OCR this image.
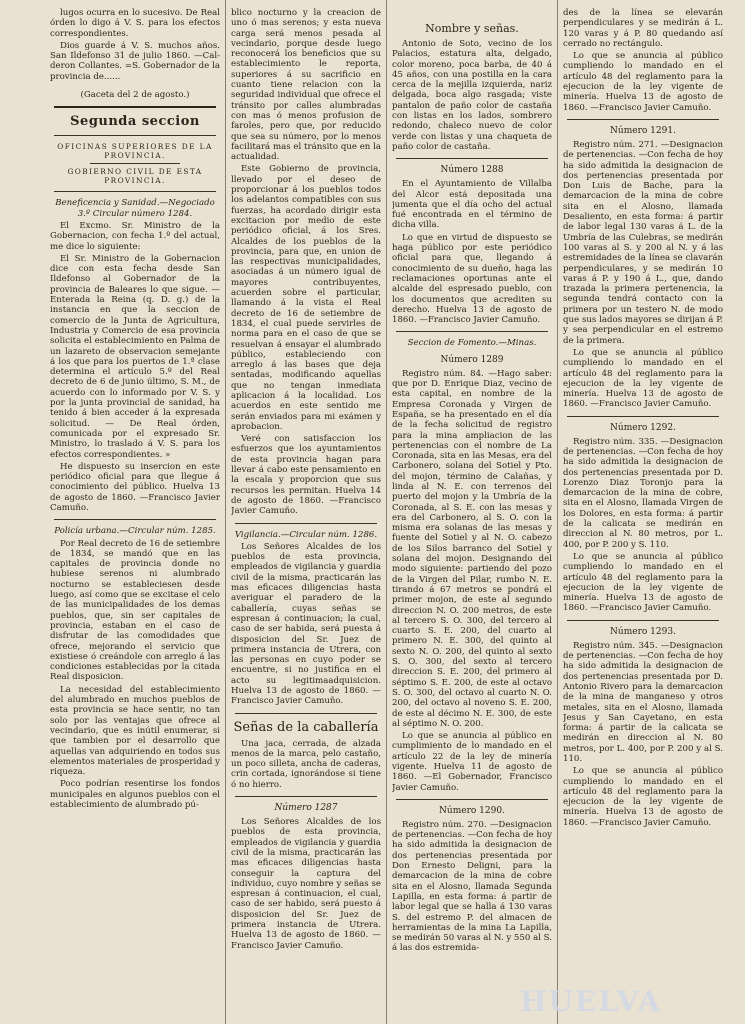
lugos ocurra en lo sucesivo. De Real órden lo digo á V. S. para los efectos correspondientes.

Dios guarde á V. S. muchos años. San Ildefonso 31 de julio 1860. —Cal-deron Collantes. =S. Gobernador de la provincia de......

(Gaceta del 2 de agosto.)

Segunda seccion
OFICINAS SUPERIORES DE LA PROVINCIA.
GOBIERNO CIVIL DE ESTA PROVINCIA.

Beneficencia y Sanidad.—Negociado 3.º Circular número 1284.

El Excmo. Sr. Ministro de la Gobernacion, con fecha 1.º del actual, me dice lo siguiente:

El Sr. Ministro de la Gobernacion dice con esta fecha desde San Ildefonso al Gobernador de la provincia de Baleares lo que sigue. — Enterada la Reina (q. D. g.) de la instancia en que la seccion de comercio de la Junta de Agricultura, Industria y Comercio de esa provincia solicita el establecimiento en Palma de un lazareto de observacion semejante á los que para los puertos de 1.ª clase determina el artículo 5.º del Real decreto de 6 de junio último, S. M., de acuerdo con lo informado por V. S. y por la junta provincial de sanidad, ha tenido á bien acceder á la expresada solicitud. — De Real órden, comunicada por el expresado Sr. Ministro, lo traslado á V. S. para los efectos correspondientes. »

He dispuesto su insercion en este periódico oficial para que llegue á conocimiento del público. Huelva 13 de agosto de 1860. —Francisco Javier Camuño.

Policía urbana.—Circular núm. 1285.

Por Real decreto de 16 de setiembre de 1834, se mandó que en las capitales de provincia donde no hubiese serenos ni alumbrado nocturno se estableciesen desde luego, así como que se excitase el celo de las municipalidades de los demas pueblos, que, sin ser capitales de provincia, estaban en el caso de disfrutar de las comodidades que ofrece, mejorando el servicio que existiese ó creándole con arreglo á las condiciones establecidas por la citada Real disposicion.

La necesidad del establecimiento del alumbrado en muchos pueblos de esta provincia se hace sentir, no tan solo por las ventajas que ofrece al vecindario, que es inútil enumerar, si que tambien por el desarrollo que aquellas van adquiriendo en todos sus elementos materiales de prosperidad y riqueza.

Poco podrían resentirse los fondos municipales en algunos pueblos con el establecimiento de alumbrado pú-

blico nocturno y la creacion de uno ó mas serenos; y esta nueva carga será menos pesada al vecindario, porque desde luego reconocerá los beneficios que su establecimiento le reporta, superiores á su sacrificio en cuanto tiene relacion con la seguridad individual que ofrece el tránsito por calles alumbradas con mas ó menos profusion de faroles, pero que, por reducido que sea su número, por lo menos facilitará mas el tránsito que en la actualidad.

Este Gobierno de provincia, llevado por el deseo de proporcionar á los pueblos todos los adelantos compatibles con sus fuerzas, ha acordado dirigir esta excitacion por medio de este periódico oficial, á los Sres. Alcaldes de los pueblos de la provincia, para que, en union de las respectivas municipalidades, asociadas á un número igual de mayores contribuyentes, acuerden sobre el particular, llamando á la vista el Real decreto de 16 de setiembre de 1834, el cual puede servirles de norma para en el caso de que se resuelvan á ensayar el alumbrado público, estableciendo con arreglo á las bases que deja sentadas, modificando aquellas que no tengan inmediata aplicacion á la localidad. Los acuerdos en este sentido me serán enviados para mi exámen y aprobacion.

Veré con satisfaccion los esfuerzos que los ayuntamientos de esta provincia hagan para llevar á cabo este pensamiento en la escala y proporcion que sus recursos les permitan. Huelva 14 de agosto de 1860. —Francisco Javier Camuño.

Vigilancia.—Circular núm. 1286.

Los Señores Alcaldes de los pueblos de esta provincia, empleados de vigilancia y guardia civil de la misma, practicarán las mas eficaces diligencias hasta averiguar el paradero de la caballería, cuyas señas se espresan á continuacion; la cual, caso de ser habida, será puesta á disposicion del Sr. Juez de primera instancia de Utrera, con las personas en cuyo poder se encuentre, si no justifica en el acto su legitimaadquisicion. Huelva 13 de agosto de 1860. —Francisco Javier Camuño.

Señas de la caballería

Una jaca, cerrada, de alzada menos de la marca, pelo castaño, un poco silleta, ancha de caderas, crin cortada, ignorándose si tiene ó no hierro.

Número 1287

Los Señores Alcaldes de los pueblos de esta provincia, empleados de vigilancia y guardia civil de la misma, practicarán las mas eficaces diligencias hasta conseguir la captura del individuo, cuyo nombre y señas se espresan á continuacion, el cual, caso de ser habido, será puesto á disposicion del Sr. Juez de primera instancia de Utrera. Huelva 13 de agosto de 1860. —Francisco Javier Camuño.

Nombre y señas.

Antonio de Soto, vecino de los Palacios, estatura alta, delgado, color moreno, poca barba, de 40 á 45 años, con una postilla en la cara cerca de la mejilla izquierda, nariz delgada, boca algo rasgada; viste pantalon de paño color de castaña con listas en los lados, sombrero redondo, chaleco nuevo de color verde con listas y una chaqueta de paño color de castaña.

Número 1288

En el Ayuntamiento de Villalba del Alcor está depositada una jumenta que el día ocho del actual fué encontrada en el término de dicha villa.

Lo que en virtud de dispuesto se haga público por este periódico oficial para que, llegando á conocimiento de su dueño, haga las reclamaciones oportunas ante el alcalde del espresado pueblo, con los documentos que acrediten su derecho. Huelva 13 de agosto de 1860. —Francisco Javier Camuño.

Seccion de Fomento.—Minas.

Número 1289

Registro núm. 84. —Hago saber: que por D. Enrique Diaz, vecino de esta capital, en nombre de la Empresa Coronada y Virgen de España, se ha presentado en el día de la fecha solicitud de registro para la mina ampliacion de las pertenencias con el nombre de La Coronada, sita en las Mesas, era del Carbonero, solana del Sotiel y Pto. del mojon, término de Calañas, y linda al N. E. con terrenos del puerto del mojon y la Umbría de la Coronada, al S. E. con las mesas y era del Carbonero, al S. O. con la misma era solanas de las mesas y fuente del Sotiel y al N. O. cabezo de los Silos barranco del Sotiel y solana del mojon. Designando del modo siguiente: partiendo del pozo de la Virgen del Pilar, rumbo N. E. tirando á 67 metros se pondrá el primer mojon, de este al segundo direccion N. O. 200 metros, de este al tercero S. O. 300, del tercero al cuarto S. E. 200, del cuarto al primero N. E. 300, del quinto al sexto N. O. 200, del quinto al sexto S. O. 300, del sexto al tercero direccion S. E. 200, del primero al séptimo S. E. 200, de este al octavo S. O. 300, del octavo al cuarto N. O. 200, del octavo al noveno S. E. 200, de este al décimo N. E. 300, de este al séptimo N. O. 200.

Lo que se anuncia al público en cumplimiento de lo mandado en el artículo 22 de la ley de minería vigente. Huelva 11 de agosto de 1860. —El Gobernador, Francisco Javier Camuño.

Número 1290.

Registro núm. 270. —Designacion de pertenencias. —Con fecha de hoy ha sido admitida la designacion de dos pertenencias presentada por Don Ernesto Deligni, para la demarcacion de la mina de cobre sita en el Alosno, llamada Segunda Lapilla, en esta forma: á partir de labor legal que se halla á 130 varas S. del estremo P. del almacen de herramientas de la mina La Lapilla, se medirán 50 varas al N. y 550 al S. á las dos estremida-

des de la línea se elevarán perpendiculares y se medirán á L. 120 varas y á P. 80 quedando así cerrado no rectángulo.

Lo que se anuncia al público cumpliendo lo mandado en el artículo 48 del reglamento para la ejecucion de la ley vigente de minería. Huelva 13 de agosto de 1860. —Francisco Javier Camuño.

Número 1291.

Registro núm. 271. —Designacion de pertenencias. —Con fecha de hoy ha sido admitida la designacion de dos pertenencias presentada por Don Luis de Bache, para la demarcacion de la mina de cobre sita en el Alosno, llamada Desaliento, en esta forma: á partir de labor legal 130 varas á L. de la Umbría de las Culebras, se medirán 100 varas al S. y 200 al N. y á las estremidades de la línea se clavarán perpendiculares, y se medirán 10 varas á P. y 190 á L., que, dando trazada la primera pertenencia, la segunda tendrá contacto con la primera por un testero N. de modo que sus lados mayores se dirijan á P. y sea perpendicular en el estremo de la primera.

Lo que se anuncia al público cumpliendo lo mandado en el artículo 48 del reglamento para la ejecucion de la ley vigente de minería. Huelva 13 de agosto de 1860. —Francisco Javier Camuño.

Número 1292.

Registro núm. 335. —Designacion de pertenencias. —Con fecha de hoy ha sido admitida la designacion de dos pertenencias presentada por D. Lorenzo Diaz Toronjo para la demarcacion de la mina de cobre, sita en el Alosno, llamada Virgen de los Dolores, en esta forma: á partir de la calicata se medirán en direccion al N. 80 metros, por L. 400, por P. 200 y S. 110.

Lo que se anuncia al público cumpliendo lo mandado en el artículo 48 del reglamento para la ejecucion de la ley vigente de minería. Huelva 13 de agosto de 1860. —Francisco Javier Camuño.

Número 1293.

Registro núm. 345. —Designacion de pertenencias. —Con fecha de hoy ha sido admitida la designacion de dos pertenencias presentada por D. Antonio Rivero para la demarcacion de la mina de manganeso y otros metales, sita en el Alosno, llamada Jesus y San Cayetano, en esta forma: á partir de la calicata se medirán en direccion al N. 80 metros, por L. 400, por P. 200 y al S. 110.

Lo que se anuncia al público cumpliendo lo mandado en el artículo 48 del reglamento para la ejecucion de la ley vigente de minería. Huelva 13 de agosto de 1860. —Francisco Javier Camuño.

HUELVA
